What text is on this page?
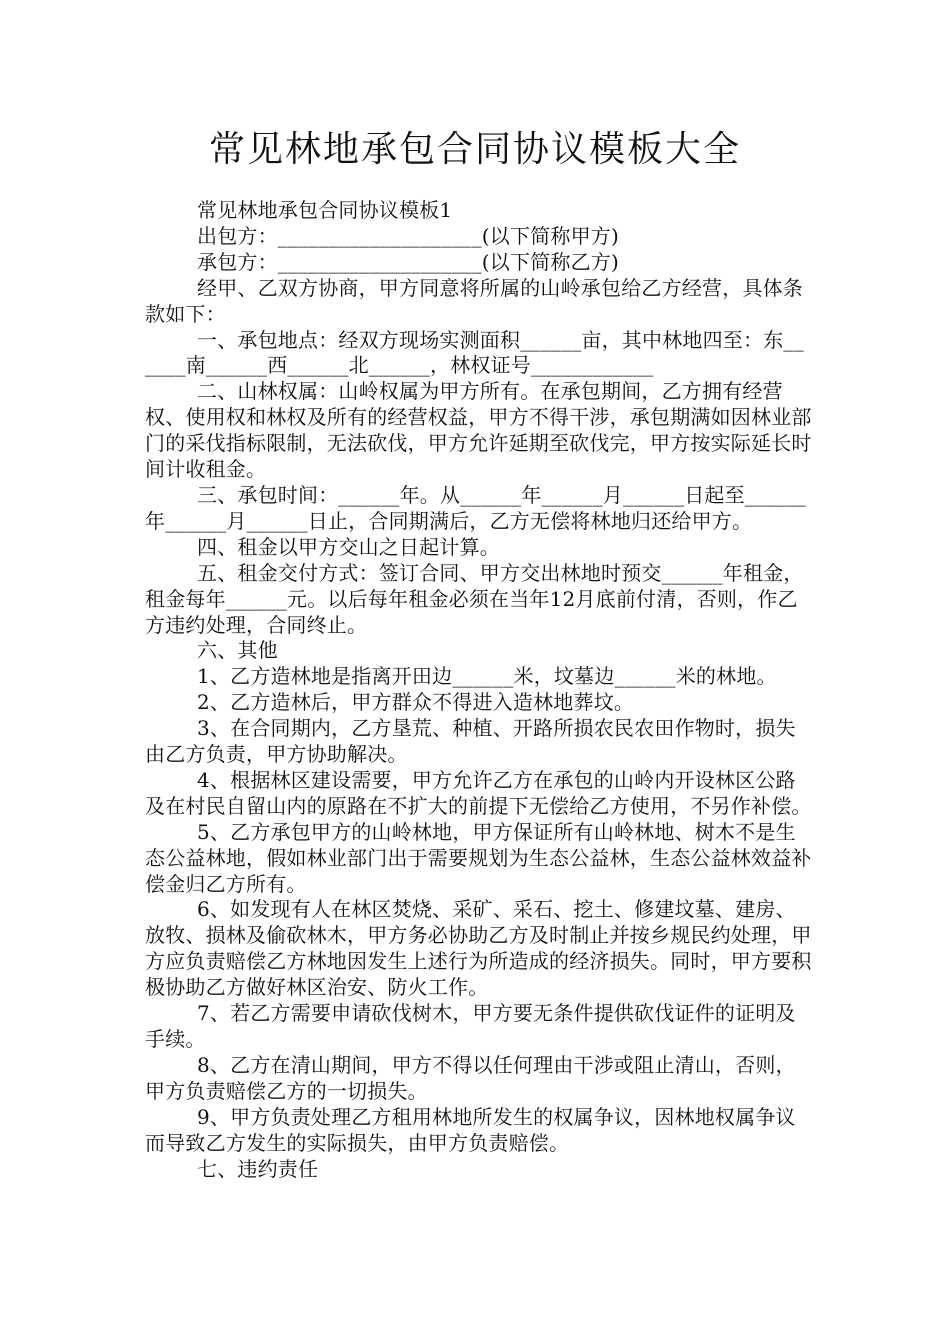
常见林地承包合同协议模板大全

常见林地承包合同协议模板1

出包方：____________________(以下简称甲方)

承包方：____________________(以下简称乙方)

经甲、乙双方协商，甲方同意将所属的山岭承包给乙方经营，具体条款如下：

一、承包地点：经双方现场实测面积______亩，其中林地四至：东______南______西______北______，林权证号____________

二、山林权属：山岭权属为甲方所有。在承包期间，乙方拥有经营权、使用权和林权及所有的经营权益，甲方不得干涉，承包期满如因林业部门的采伐指标限制，无法砍伐，甲方允许延期至砍伐完，甲方按实际延长时间计收租金。

三、承包时间：______年。从______年______月______日起至______年______月______日止，合同期满后，乙方无偿将林地归还给甲方。

四、租金以甲方交山之日起计算。

五、租金交付方式：签订合同、甲方交出林地时预交______年租金，租金每年______元。以后每年租金必须在当年12月底前付清，否则，作乙方违约处理，合同终止。

六、其他

1、乙方造林地是指离开田边______米，坟墓边______米的林地。

2、乙方造林后，甲方群众不得进入造林地葬坟。

3、在合同期内，乙方垦荒、种植、开路所损农民农田作物时，损失由乙方负责，甲方协助解决。

4、根据林区建设需要，甲方允许乙方在承包的山岭内开设林区公路及在村民自留山内的原路在不扩大的前提下无偿给乙方使用，不另作补偿。

5、乙方承包甲方的山岭林地，甲方保证所有山岭林地、树木不是生态公益林地，假如林业部门出于需要规划为生态公益林，生态公益林效益补偿金归乙方所有。

6、如发现有人在林区焚烧、采矿、采石、挖土、修建坟墓、建房、放牧、损林及偷砍林木，甲方务必协助乙方及时制止并按乡规民约处理，甲方应负责赔偿乙方林地因发生上述行为所造成的经济损失。同时，甲方要积极协助乙方做好林区治安、防火工作。

7、若乙方需要申请砍伐树木，甲方要无条件提供砍伐证件的证明及手续。

8、乙方在清山期间，甲方不得以任何理由干涉或阻止清山，否则，甲方负责赔偿乙方的一切损失。

9、甲方负责处理乙方租用林地所发生的权属争议，因林地权属争议而导致乙方发生的实际损失，由甲方负责赔偿。

七、违约责任
